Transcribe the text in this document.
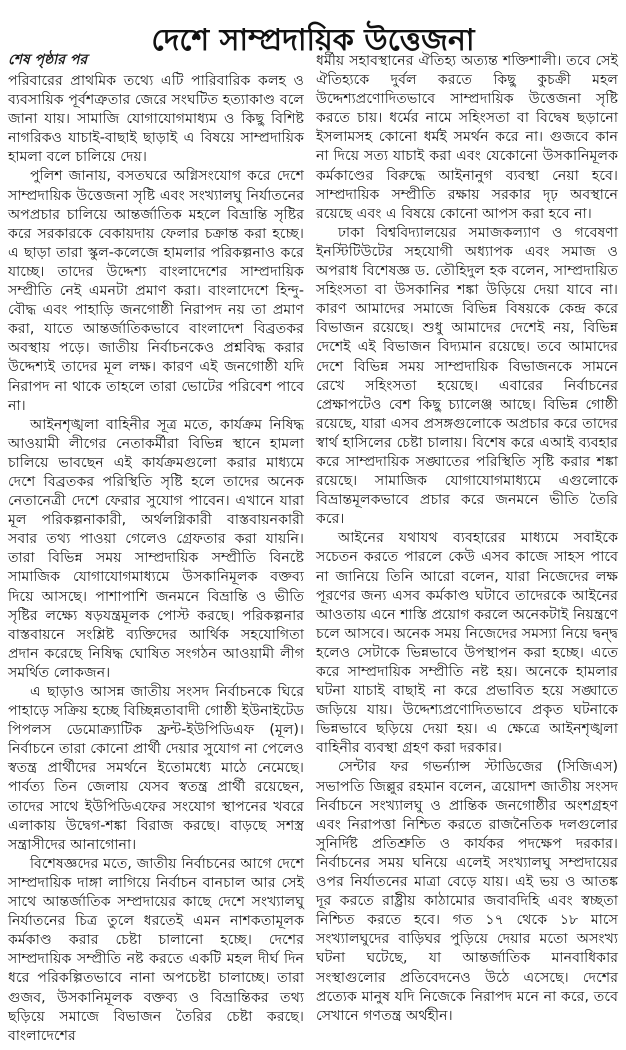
দেশে সাম্প্রদায়িক উত্তেজনা
শেষ পৃষ্ঠার পর

পরিবারের প্রাথমিক তথ্যে এটি পারিবারিক কলহ ও ব্যবসায়িক পূর্বশত্রুতার জেরে সংঘটিত হত্যাকাণ্ড বলে জানা যায়। সামাজি যোগাযোগমাধ্যম ও কিছু বিশিষ্ট নাগরিকও যাচাই-বাছাই ছাড়াই এ বিষয়ে সাম্প্রদায়িক হামলা বলে চালিয়ে দেয়।

পুলিশ জানায়, বসতঘরে অগ্নিসংযোগ করে দেশে সাম্প্রদায়িক উত্তেজনা সৃষ্টি এবং সংখ্যালঘু নির্যাতনের অপপ্রচার চালিয়ে আন্তর্জাতিক মহলে বিভ্রান্তি সৃষ্টির করে সরকারকে বেকায়দায় ফেলার চক্রান্ত করা হচ্ছে। এ ছাড়া তারা স্কুল-কলেজে হামলার পরিকল্পনাও করে যাচ্ছে। তাদের উদ্দেশ্য বাংলাদেশের সাম্প্রদায়িক সম্প্রীতি নেই এমনটা প্রমাণ করা। বাংলাদেশে হিন্দু-বৌদ্ধ এবং পাহাড়ি জনগোষ্ঠী নিরাপদ নয় তা প্রমাণ করা, যাতে আন্তর্জাতিকভাবে বাংলাদেশ বিব্রতকর অবস্থায় পড়ে। জাতীয় নির্বাচনকেও প্রশ্নবিদ্ধ করার উদ্দেশ্যই তাদের মূল লক্ষ। কারণ এই জনগোষ্ঠী যদি নিরাপদ না থাকে তাহলে তারা ভোটের পরিবেশ পাবে না।

আইনশৃঙ্খলা বাহিনীর সূত্র মতে, কার্যক্রম নিষিদ্ধ আওয়ামী লীগের নেতাকর্মীরা বিভিন্ন স্থানে হামলা চালিয়ে ভাবছেন এই কার্যক্রমগুলো করার মাধ্যমে দেশে বিব্রতকর পরিস্থিতি সৃষ্টি হলে তাদের অনেক নেতানেত্রী দেশে ফেরার সুযোগ পাবেন। এখানে যারা মূল পরিকল্পনাকারী, অর্থলগ্নিকারী বাস্তবায়নকারী সবার তথ্য পাওয়া গেলেও গ্রেফতার করা যায়নি। তারা বিভিন্ন সময় সাম্প্রদায়িক সম্প্রীতি বিনষ্টে সামাজিক যোগাযোগমাধ্যমে উসকানিমূলক বক্তব্য দিয়ে আসছে। পাশাপাশি জনমনে বিভ্রান্তি ও ভীতি সৃষ্টির লক্ষ্যে ষড়যন্ত্রমূলক পোস্ট করছে। পরিকল্পনার বাস্তবায়নে সংশ্লিষ্ট ব্যক্তিদের আর্থিক সহযোগিতা প্রদান করেছে নিষিদ্ধ ঘোষিত সংগঠন আওয়ামী লীগ সমর্থিত লোকজন।

এ ছাড়াও আসন্ন জাতীয় সংসদ নির্বাচনকে ঘিরে পাহাড়ে সক্রিয় হচ্ছে বিচ্ছিন্নতাবাদী গোষ্ঠী ইউনাইটেড পিপলস ডেমোক্র্যাটিক ফ্রন্ট-ইউপিডিএফ (মূল)। নির্বাচনে তারা কোনো প্রার্থী দেয়ার সুযোগ না পেলেও স্বতন্ত্র প্রার্থীদের সমর্থনে ইতোমধ্যে মাঠে নেমেছে। পার্বত্য তিন জেলায় যেসব স্বতন্ত্র প্রার্থী রয়েছেন, তাদের সাথে ইউপিডিএফের সংযোগ স্থাপনের খবরে এলাকায় উদ্বেগ-শঙ্কা বিরাজ করছে। বাড়ছে সশস্ত্র সন্ত্রাসীদের আনাগোনা।

বিশেষজ্ঞদের মতে, জাতীয় নির্বাচনের আগে দেশে সাম্প্রদায়িক দাঙ্গা লাগিয়ে নির্বাচন বানচাল আর সেই সাথে আন্তর্জাতিক সম্প্রদায়ের কাছে দেশে সংখ্যালঘু নির্যাতনের চিত্র তুলে ধরতেই এমন নাশকতামূলক কর্মকাণ্ড করার চেষ্টা চালানো হচ্ছে। দেশের সাম্প্রদায়িক সম্প্রীতি নষ্ট করতে একটি মহল দীর্ঘ দিন ধরে পরিকল্পিতভাবে নানা অপচেষ্টা চালাচ্ছে। তারা গুজব, উসকানিমূলক বক্তব্য ও বিভ্রান্তিকর তথ্য ছড়িয়ে সমাজে বিভাজন তৈরির চেষ্টা করছে। বাংলাদেশের

ধর্মীয় সহাবস্থানের ঐতিহ্য অত্যন্ত শক্তিশালী। তবে সেই ঐতিহ্যকে দুর্বল করতে কিছু কুচক্রী মহল উদ্দেশ্যপ্রণোদিতভাবে সাম্প্রদায়িক উত্তেজনা সৃষ্টি করতে চায়। ধর্মের নামে সহিংসতা বা বিদ্বেষ ছড়ানো ইসলামসহ কোনো ধর্মই সমর্থন করে না। গুজবে কান না দিয়ে সত্য যাচাই করা এবং যেকোনো উসকানিমূলক কর্মকাণ্ডের বিরুদ্ধে আইনানুগ ব্যবস্থা নেয়া হবে। সাম্প্রদায়িক সম্প্রীতি রক্ষায় সরকার দৃঢ় অবস্থানে রয়েছে এবং এ বিষয়ে কোনো আপস করা হবে না।

ঢাকা বিশ্ববিদ্যালয়ের সমাজকল্যাণ ও গবেষণা ইনস্টিটিউটের সহযোগী অধ্যাপক এবং সমাজ ও অপরাধ বিশেষজ্ঞ ড. তৌহিদুল হক বলেন, সাম্প্রদায়িত সহিংসতা বা উসকানির শঙ্কা উড়িয়ে দেয়া যাবে না। কারণ আমাদের সমাজে বিভিন্ন বিষয়কে কেন্দ্র করে বিভাজন রয়েছে। শুধু আমাদের দেশেই নয়, বিভিন্ন দেশেই এই বিভাজন বিদ্যমান রয়েছে। তবে আমাদের দেশে বিভিন্ন সময় সাম্প্রদায়িক বিভাজনকে সামনে রেখে সহিংসতা হয়েছে। এবারের নির্বাচনের প্রেক্ষাপটেও বেশ কিছু চ্যালেঞ্জ আছে। বিভিন্ন গোষ্ঠী রয়েছে, যারা এসব প্রসঙ্গগুলোকে অপ্রচার করে তাদের স্বার্থ হাসিলের চেষ্টা চালায়। বিশেষ করে এআই ব্যবহার করে সাম্প্রদায়িক সঙ্ঘাতের পরিস্থিতি সৃষ্টি করার শঙ্কা রয়েছে। সামাজিক যোগাযোগমাধ্যমে এগুলোকে বিভ্রান্তমূলকভাবে প্রচার করে জনমনে ভীতি তৈরি করে।

আইনের যথাযথ ব্যবহারের মাধ্যমে সবাইকে সচেতন করতে পারলে কেউ এসব কাজে সাহস পাবে না জানিয়ে তিনি আরো বলেন, যারা নিজেদের লক্ষ পূরণের জন্য এসব কর্মকাণ্ড ঘটাবে তাদেরকে আইনের আওতায় এনে শাস্তি প্রয়োগ করলে অনেকটাই নিয়ন্ত্রণে চলে আসবে। অনেক সময় নিজেদের সমস্যা নিয়ে দ্বন্দ্ব হলেও সেটাকে ভিন্নভাবে উপস্থাপন করা হচ্ছে। এতে করে সাম্প্রদায়িক সম্প্রীতি নষ্ট হয়। অনেকে হামলার ঘটনা যাচাই বাছাই না করে প্রভাবিত হয়ে সঙ্ঘাতে জড়িয়ে যায়। উদ্দেশ্যপ্রণোদিতভাবে প্রকৃত ঘটনাকে ভিন্নভাবে ছড়িয়ে দেয়া হয়। এ ক্ষেত্রে আইনশৃঙ্খলা বাহিনীর ব্যবস্থা গ্রহণ করা দরকার।

সেন্টার ফর গভর্ন্যান্স স্টাডিজের (সিজিএস) সভাপতি জিল্লুর রহমান বলেন, ত্রয়োদশ জাতীয় সংসদ নির্বাচনে সংখ্যালঘু ও প্রান্তিক জনগোষ্ঠীর অংশগ্রহণ এবং নিরাপত্তা নিশ্চিত করতে রাজনৈতিক দলগুলোর সুনির্দিষ্ট প্রতিশ্রুতি ও কার্যকর পদক্ষেপ দরকার। নির্বাচনের সময় ঘনিয়ে এলেই সংখ্যালঘু সম্প্রদায়ের ওপর নির্যাতনের মাত্রা বেড়ে যায়। এই ভয় ও আতঙ্ক দূর করতে রাষ্ট্রীয় কাঠামোর জবাবদিহি এবং স্বচ্ছতা নিশ্চিত করতে হবে। গত ১৭ থেকে ১৮ মাসে সংখ্যালঘুদের বাড়িঘর পুড়িয়ে দেয়ার মতো অসংখ্য ঘটনা ঘটেছে, যা আন্তর্জাতিক মানবাধিকার সংস্থাগুলোর প্রতিবেদনেও উঠে এসেছে। দেশের প্রত্যেক মানুষ যদি নিজেকে নিরাপদ মনে না করে, তবে সেখানে গণতন্ত্র অর্থহীন।
